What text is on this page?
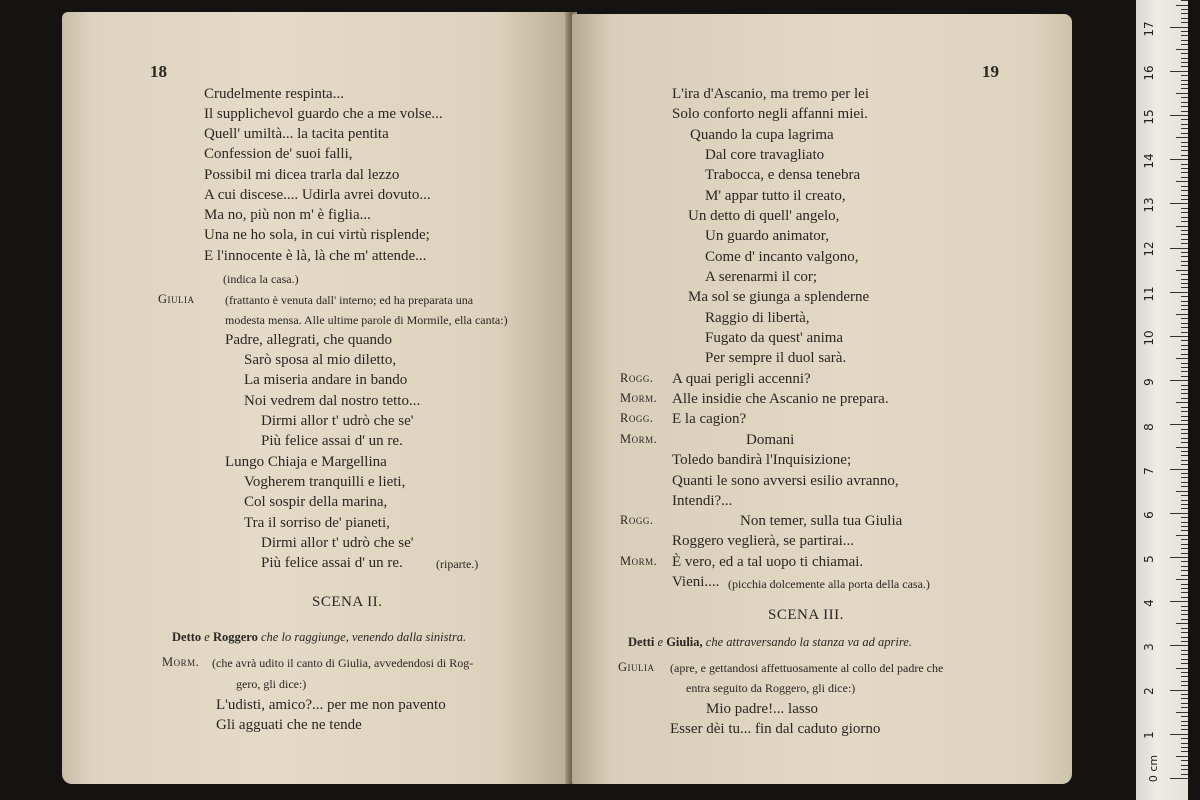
18
Crudelmente respinta...
Il supplichevol guardo che a me volse...
Quell' umiltà... la tacita pentita
Confession de' suoi falli,
Possibil mi dicea trarla dal lezzo
A cui discese.... Udirla avrei dovuto...
Ma no, più non m' è figlia...
Una ne ho sola, in cui virtù risplende;
E l'innocente è là, là che m' attende...
(indica la casa.)
Giulia	(frattanto è venuta dall' interno; ed ha preparata una
modesta mensa. Alle ultime parole di Mormile, ella canta:)
Padre, allegrati, che quando
Sarò sposa al mio diletto,
La miseria andare in bando
Noi vedrem dal nostro tetto...
Dirmi allor t' udrò che se'
Più felice assai d' un re.
Lungo Chiaja e Margellina
Vogherem tranquilli e lieti,
Col sospir della marina,
Tra il sorriso de' pianeti,
Dirmi allor t' udrò che se'
Più felice assai d' un re.	(riparte.)
SCENA II.
Detto e Roggero che lo raggiunge, venendo dalla sinistra.
Morm. (che avrà udito il canto di Giulia, avvedendosi di Rog-
gero, gli dice:)
L'udisti, amico?... per me non pavento
Gli agguati che ne tende
19
L'ira d'Ascanio, ma tremo per lei
Solo conforto negli affanni miei.
Quando la cupa lagrima
Dal core travagliato
Trabocca, e densa tenebra
M' appar tutto il creato,
Un detto di quell' angelo,
Un guardo animator,
Come d' incanto valgono,
A serenarmi il cor;
Ma sol se giunga a splenderne
Raggio di libertà,
Fugato da quest' anima
Per sempre il duol sarà.
Rogg. A quai perigli accenni?
Morm. Alle insidie che Ascanio ne prepara.
Rogg. E la cagion?
Morm.	Domani
Toledo bandirà l'Inquisizione;
Quanti le sono avversi esilio avranno,
Intendi?...
Rogg.	Non temer, sulla tua Giulia
Roggero veglierà, se partirai...
Morm. È vero, ed a tal uopo ti chiamai.
Vieni.... (picchia dolcemente alla porta della casa.)
SCENA III.
Detti e Giulia, che attraversando la stanza va ad aprire.
Giulia (apre, e gettandosi affettuosamente al collo del padre che
entra seguito da Roggero, gli dice:)
Mio padre!... lasso
Esser dèi tu... fin dal caduto giorno
17
16
15
14
13
12
11
10
9
8
7
6
5
4
3
2
1
0 cm
